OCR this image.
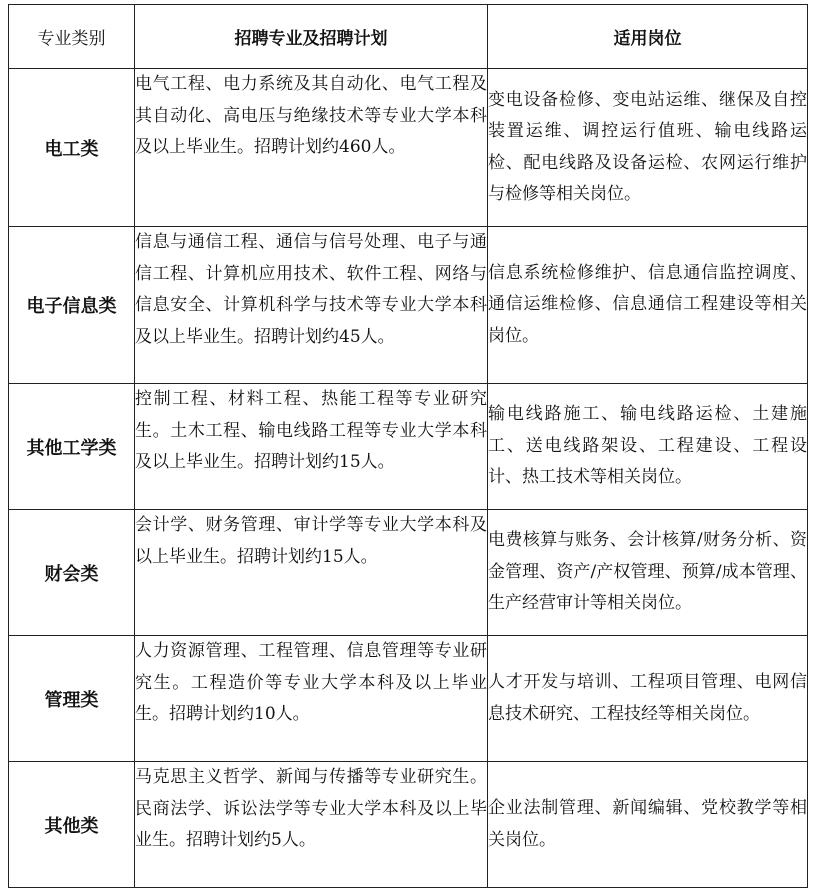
专业类别	招聘专业及招聘计划	适用岗位
电工类	电气工程、电力系统及其自动化、电气工程及其自动化、高电压与绝缘技术等专业大学本科及以上毕业生。招聘计划约460人。	变电设备检修、变电站运维、继保及自控装置运维、调控运行值班、输电线路运检、配电线路及设备运检、农网运行维护与检修等相关岗位。
电子信息类	信息与通信工程、通信与信号处理、电子与通信工程、计算机应用技术、软件工程、网络与信息安全、计算机科学与技术等专业大学本科及以上毕业生。招聘计划约45人。	信息系统检修维护、信息通信监控调度、通信运维检修、信息通信工程建设等相关岗位。
其他工学类	控制工程、材料工程、热能工程等专业研究生。土木工程、输电线路工程等专业大学本科及以上毕业生。招聘计划约15人。	输电线路施工、输电线路运检、土建施工、送电线路架设、工程建设、工程设计、热工技术等相关岗位。
财会类	会计学、财务管理、审计学等专业大学本科及以上毕业生。招聘计划约15人。	电费核算与账务、会计核算/财务分析、资金管理、资产/产权管理、预算/成本管理、生产经营审计等相关岗位。
管理类	人力资源管理、工程管理、信息管理等专业研究生。工程造价等专业大学本科及以上毕业生。招聘计划约10人。	人才开发与培训、工程项目管理、电网信息技术研究、工程技经等相关岗位。
其他类	马克思主义哲学、新闻与传播等专业研究生。民商法学、诉讼法学等专业大学本科及以上毕业生。招聘计划约5人。	企业法制管理、新闻编辑、党校教学等相关岗位。
